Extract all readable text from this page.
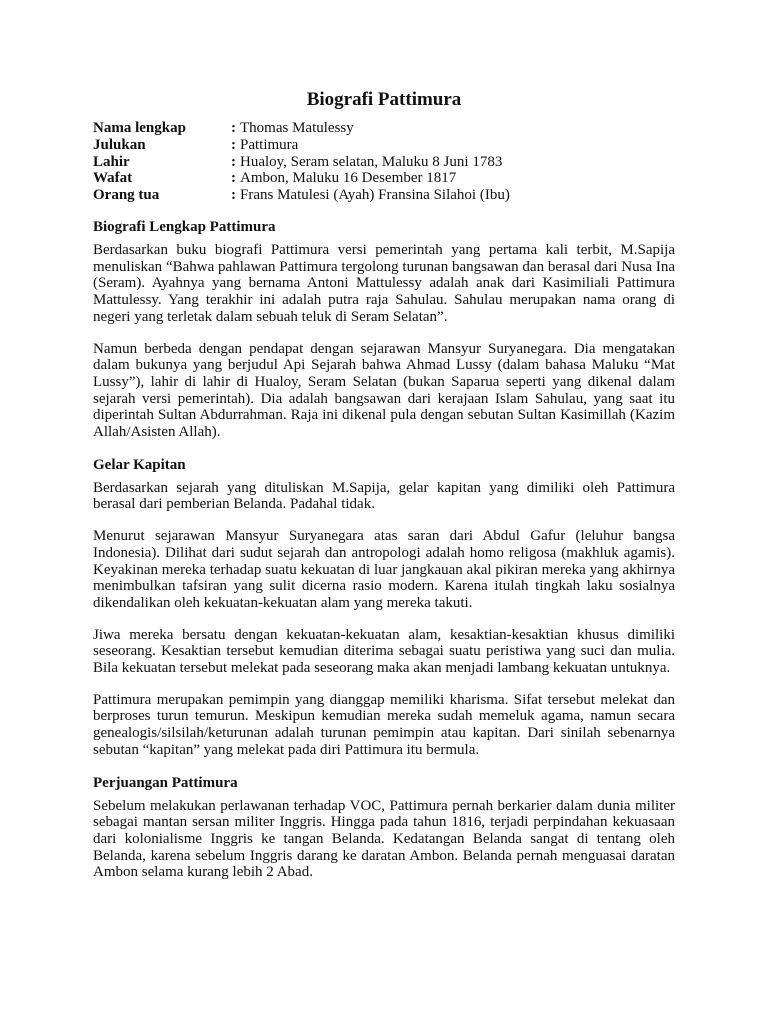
Biografi Pattimura
Nama lengkap	: Thomas Matulessy
Julukan	: Pattimura
Lahir	: Hualoy, Seram selatan, Maluku 8 Juni 1783
Wafat	: Ambon, Maluku 16 Desember 1817
Orang tua	: Frans Matulesi (Ayah) Fransina Silahoi (Ibu)
Biografi Lengkap Pattimura

Berdasarkan buku biografi Pattimura versi pemerintah yang pertama kali terbit, M.Sapija menuliskan “Bahwa pahlawan Pattimura tergolong turunan bangsawan dan berasal dari Nusa Ina (Seram). Ayahnya yang bernama Antoni Mattulessy adalah anak dari Kasimiliali Pattimura Mattulessy. Yang terakhir ini adalah putra raja Sahulau. Sahulau merupakan nama orang di negeri yang terletak dalam sebuah teluk di Seram Selatan”.

Namun berbeda dengan pendapat dengan sejarawan Mansyur Suryanegara. Dia mengatakan dalam bukunya yang berjudul Api Sejarah bahwa Ahmad Lussy (dalam bahasa Maluku “Mat Lussy”), lahir di lahir di Hualoy, Seram Selatan (bukan Saparua seperti yang dikenal dalam sejarah versi pemerintah). Dia adalah bangsawan dari kerajaan Islam Sahulau, yang saat itu diperintah Sultan Abdurrahman. Raja ini dikenal pula dengan sebutan Sultan Kasimillah (Kazim Allah/Asisten Allah).

Gelar Kapitan

Berdasarkan sejarah yang dituliskan M.Sapija, gelar kapitan yang dimiliki oleh Pattimura berasal dari pemberian Belanda. Padahal tidak.

Menurut sejarawan Mansyur Suryanegara atas saran dari Abdul Gafur (leluhur bangsa Indonesia). Dilihat dari sudut sejarah dan antropologi adalah homo religosa (makhluk agamis). Keyakinan mereka terhadap suatu kekuatan di luar jangkauan akal pikiran mereka yang akhirnya menimbulkan tafsiran yang sulit dicerna rasio modern. Karena itulah tingkah laku sosialnya dikendalikan oleh kekuatan-kekuatan alam yang mereka takuti.

Jiwa mereka bersatu dengan kekuatan-kekuatan alam, kesaktian-kesaktian khusus dimiliki seseorang. Kesaktian tersebut kemudian diterima sebagai suatu peristiwa yang suci dan mulia. Bila kekuatan tersebut melekat pada seseorang maka akan menjadi lambang kekuatan untuknya.

Pattimura merupakan pemimpin yang dianggap memiliki kharisma. Sifat tersebut melekat dan berproses turun temurun. Meskipun kemudian mereka sudah memeluk agama, namun secara genealogis/silsilah/keturunan adalah turunan pemimpin atau kapitan. Dari sinilah sebenarnya sebutan “kapitan” yang melekat pada diri Pattimura itu bermula.

Perjuangan Pattimura

Sebelum melakukan perlawanan terhadap VOC, Pattimura pernah berkarier dalam dunia militer sebagai mantan sersan militer Inggris. Hingga pada tahun 1816, terjadi perpindahan kekuasaan dari kolonialisme Inggris ke tangan Belanda. Kedatangan Belanda sangat di tentang oleh Belanda, karena sebelum Inggris darang ke daratan Ambon. Belanda pernah menguasai daratan Ambon selama kurang lebih 2 Abad.
